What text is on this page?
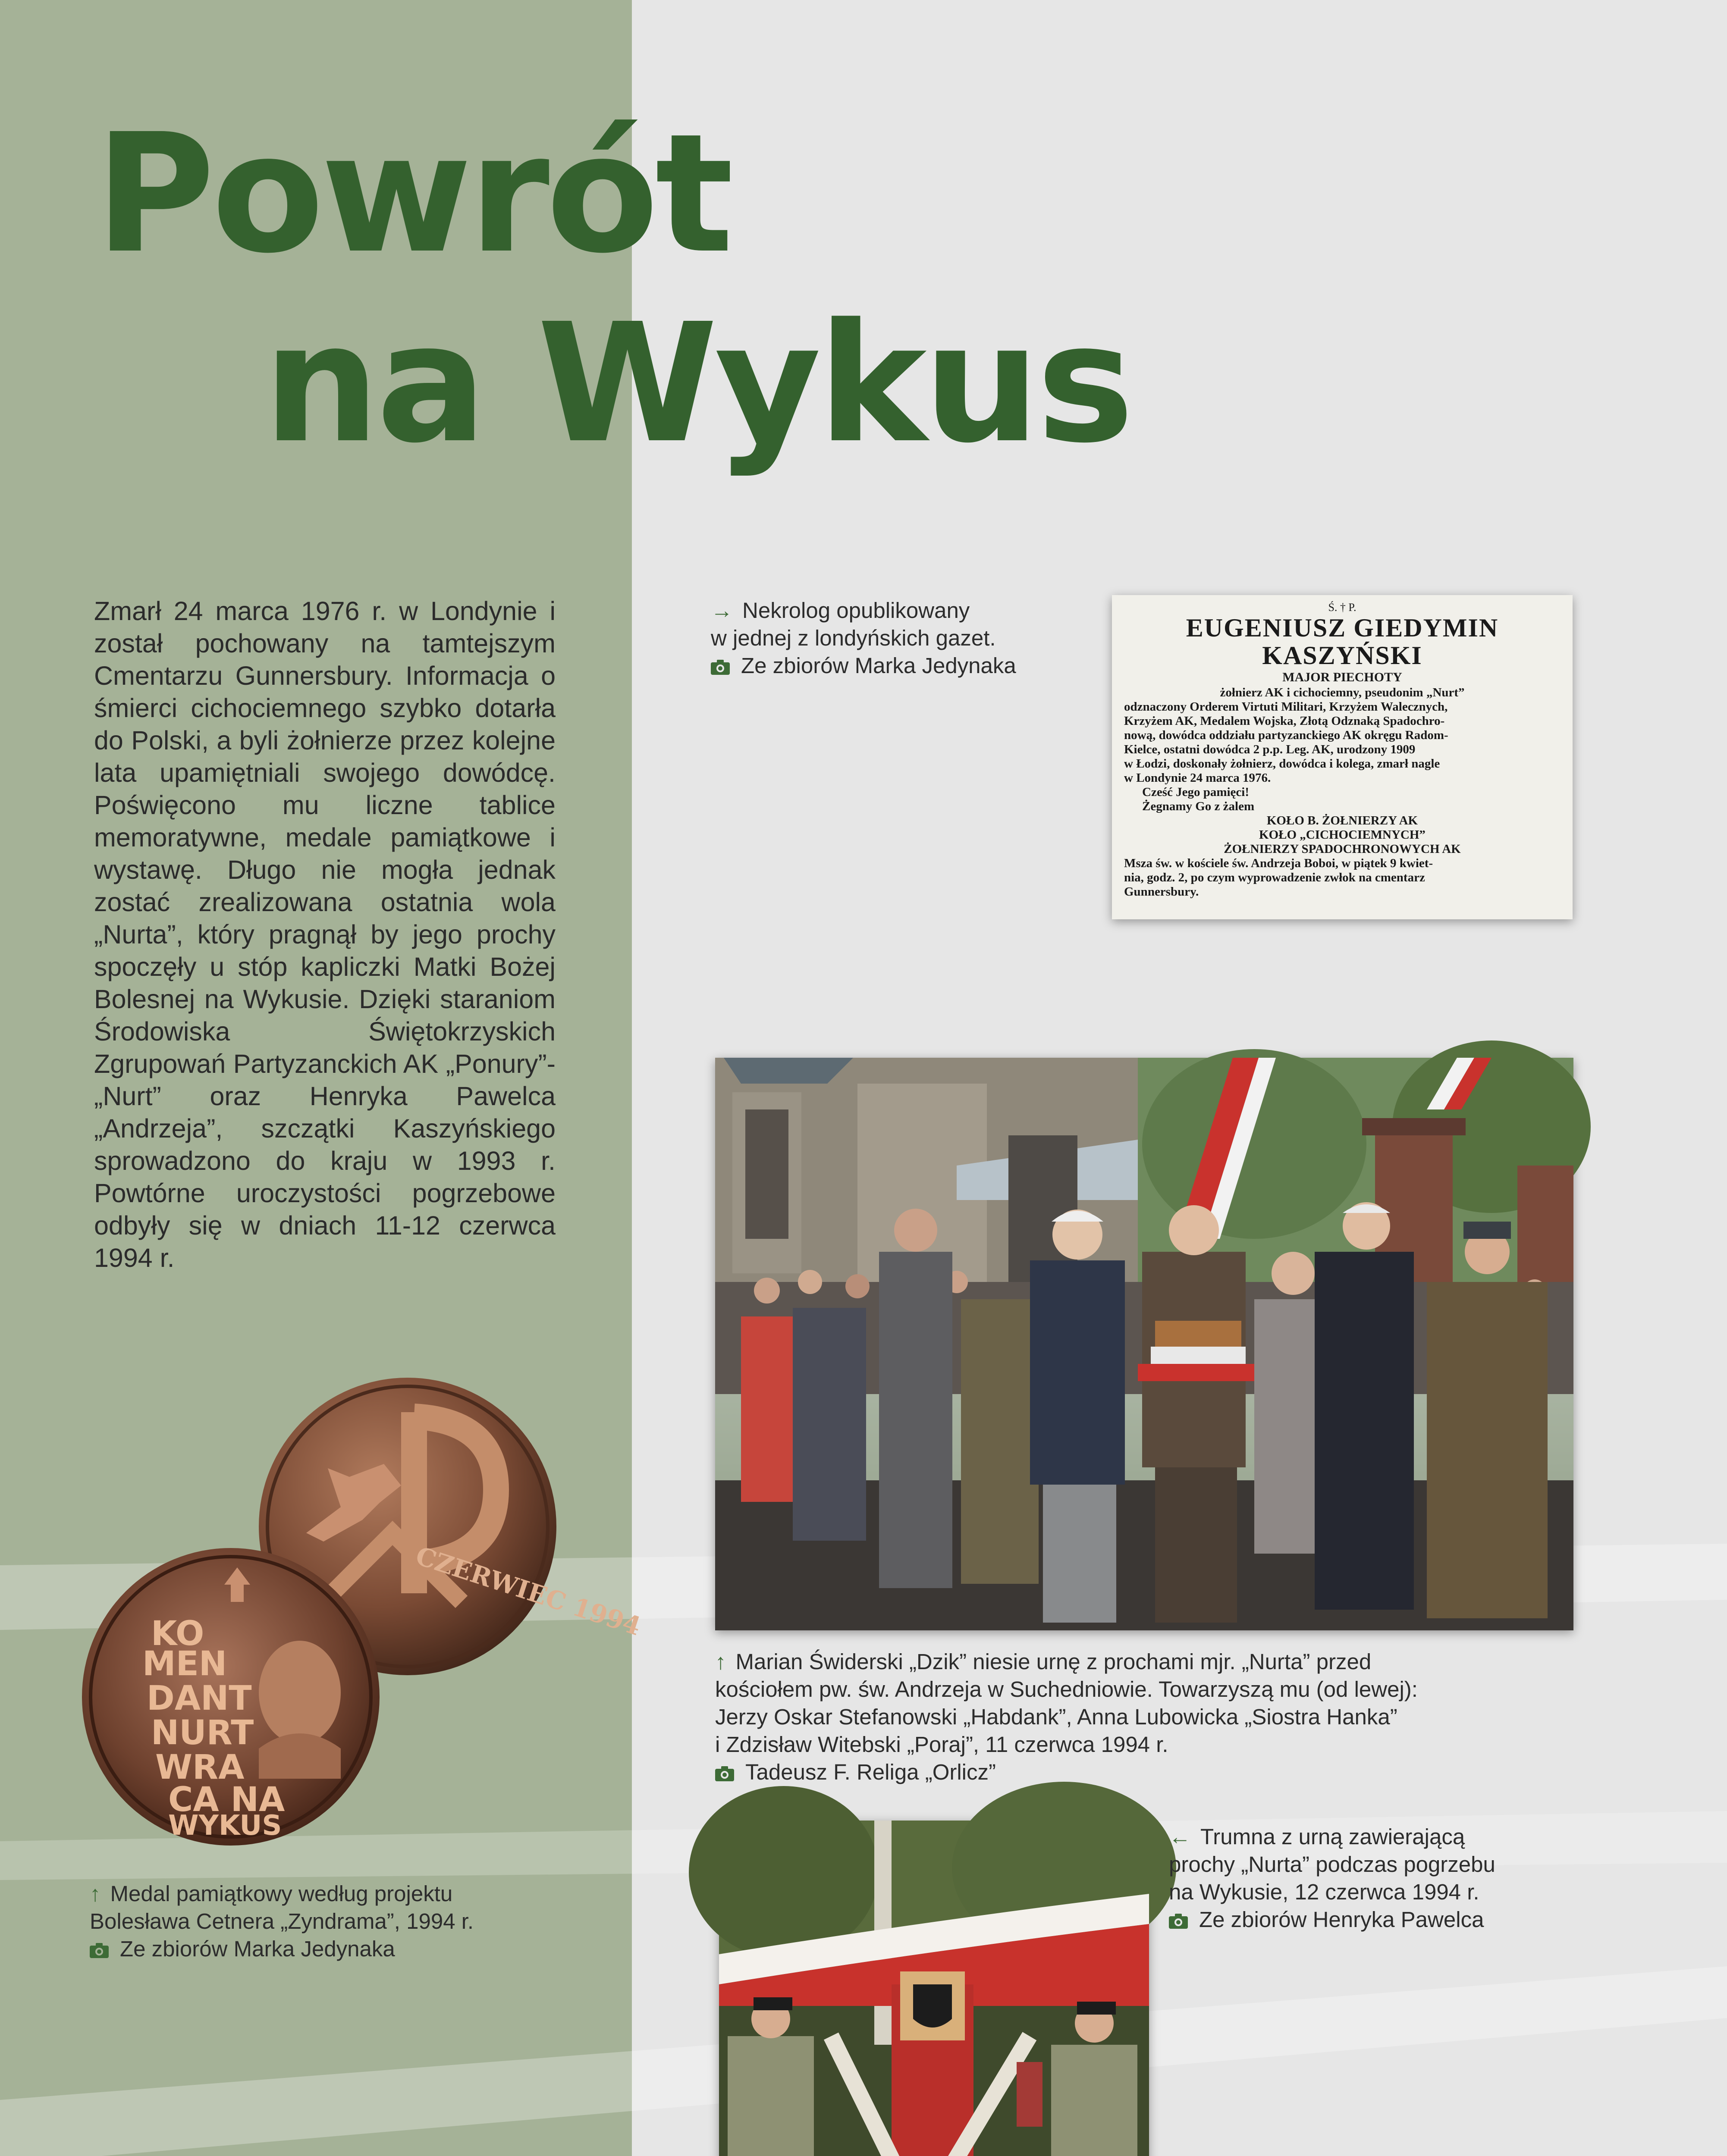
Powrót
na Wykus

Zmarł 24 marca 1976 r. w Londynie i został pochowany na tamtejszym Cmentarzu Gunnersbury. Informacja o śmierci cichociemnego szybko dotarła do Polski, a byli żołnierze przez kolejne lata upamiętniali swojego dowódcę. Poświęcono mu liczne tablice memoratywne, medale pamiątkowe i wystawę. Długo nie mogła jednak zostać zrealizowana ostatnia wola „Nurta”, który pragnął by jego prochy spoczęły u stóp kapliczki Matki Bożej Bolesnej na Wykusie. Dzięki staraniom Środowiska Świętokrzyskich Zgrupowań Partyzanckich AK „Ponury”-„Nurt” oraz Henryka Pawelca „Andrzeja”, szczątki Kaszyńskiego sprowadzono do kraju w 1993 r. Powtórne uroczystości pogrzebowe odbyły się w dniach 11-12 czerwca 1994 r.

→ Nekrolog opublikowany
w jednej z londyńskich gazet.
Ze zbiorów Marka Jedynaka
Ś. † P.
EUGENIUSZ GIEDYMIN KASZYŃSKI
MAJOR PIECHOTY
żołnierz AK i cichociemny, pseudonim „Nurt”
odznaczony Orderem Virtuti Militari, Krzyżem Walecznych,
Krzyżem AK, Medalem Wojska, Złotą Odznaką Spadochro-
nową, dowódca oddziału partyzanckiego AK okręgu Radom-
Kielce, ostatni dowódca 2 p.p. Leg. AK, urodzony 1909
w Łodzi, doskonały żołnierz, dowódca i kolega, zmarł nagle
w Londynie 24 marca 1976.
Cześć Jego pamięci!
Żegnamy Go z żalem
KOŁO B. ŻOŁNIERZY AK
KOŁO „CICHOCIEMNYCH”
ŻOŁNIERZY SPADOCHRONOWYCH AK
Msza św. w kościele św. Andrzeja Boboi, w piątek 9 kwiet-
nia, godz. 2, po czym wyprowadzenie zwłok na cmentarz
Gunnersbury.
↑ Marian Świderski „Dzik” niesie urnę z prochami mjr. „Nurta” przed
kościołem pw. św. Andrzeja w Suchedniowie. Towarzyszą mu (od lewej):
Jerzy Oskar Stefanowski „Habdank”, Anna Lubowicka „Siostra Hanka”
i Zdzisław Witebski „Poraj”, 11 czerwca 1994 r.
Tadeusz F. Religa „Orlicz”
CZERWIEC 1994
KO
MEN
DANT
NURT
WRA
CA NA
WYKUS
↑ Medal pamiątkowy według projektu
Bolesława Cetnera „Zyndrama”, 1994 r.
Ze zbiorów Marka Jedynaka
← Trumna z urną zawierającą
prochy „Nurta” podczas pogrzebu
na Wykusie, 12 czerwca 1994 r.
Ze zbiorów Henryka Pawelca
